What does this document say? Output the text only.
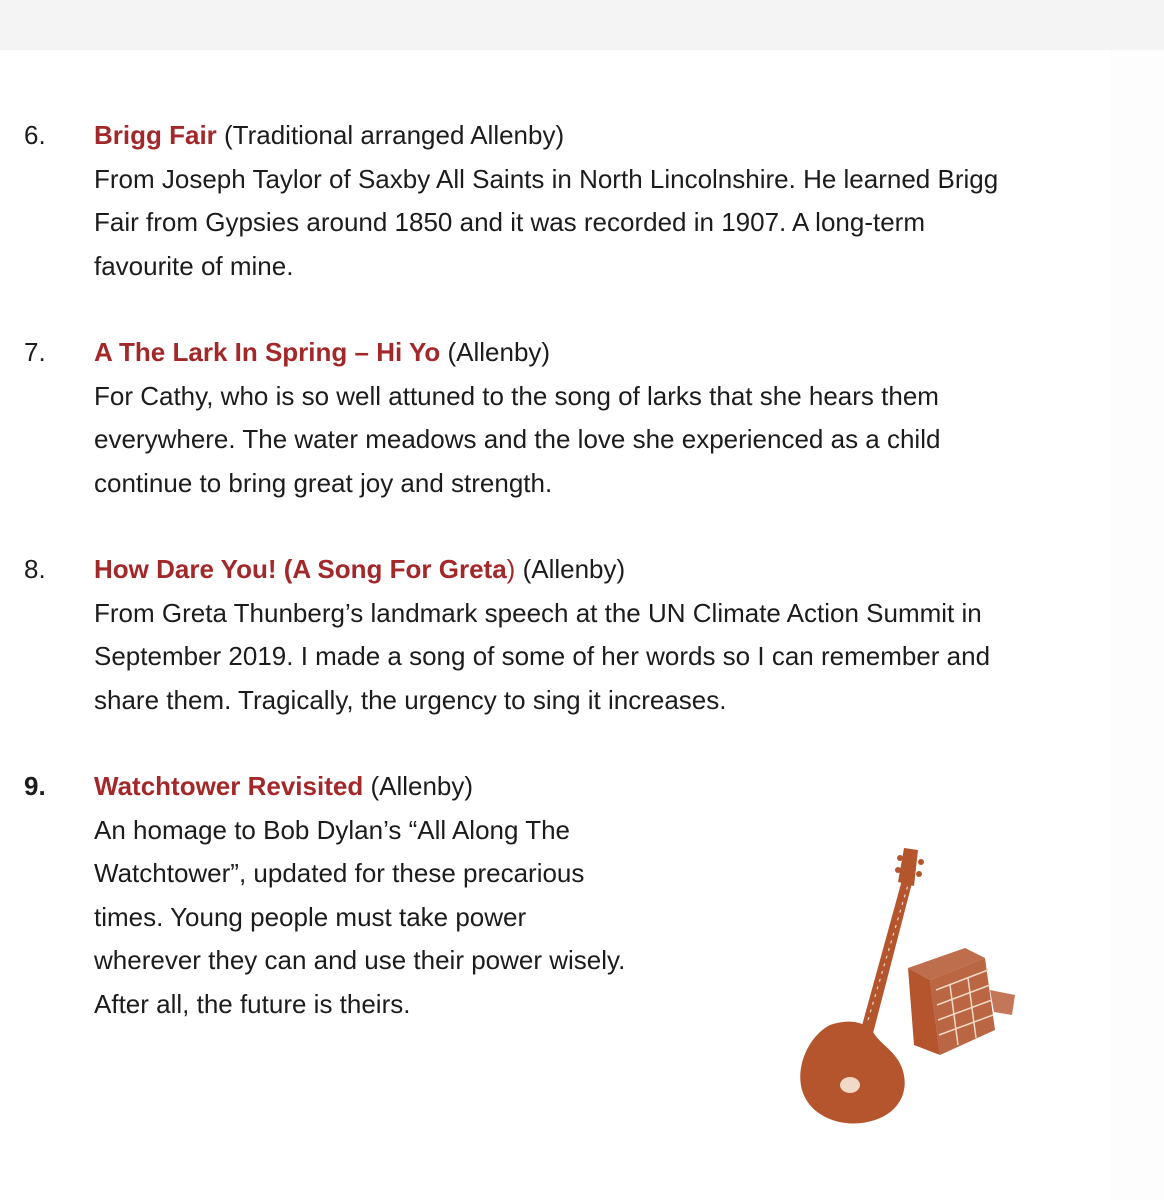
6. Brigg Fair (Traditional arranged Allenby)
From Joseph Taylor of Saxby All Saints in North Lincolnshire. He learned Brigg
Fair from Gypsies around 1850 and it was recorded in 1907. A long-term
favourite of mine.
7. A The Lark In Spring – Hi Yo (Allenby)
For Cathy, who is so well attuned to the song of larks that she hears them
everywhere. The water meadows and the love she experienced as a child
continue to bring great joy and strength.
8. How Dare You! (A Song For Greta) (Allenby)
From Greta Thunberg’s landmark speech at the UN Climate Action Summit in
September 2019. I made a song of some of her words so I can remember and
share them. Tragically, the urgency to sing it increases.
9. Watchtower Revisited (Allenby)
An homage to Bob Dylan’s “All Along The
Watchtower”, updated for these precarious
times. Young people must take power
wherever they can and use their power wisely.
After all, the future is theirs.
